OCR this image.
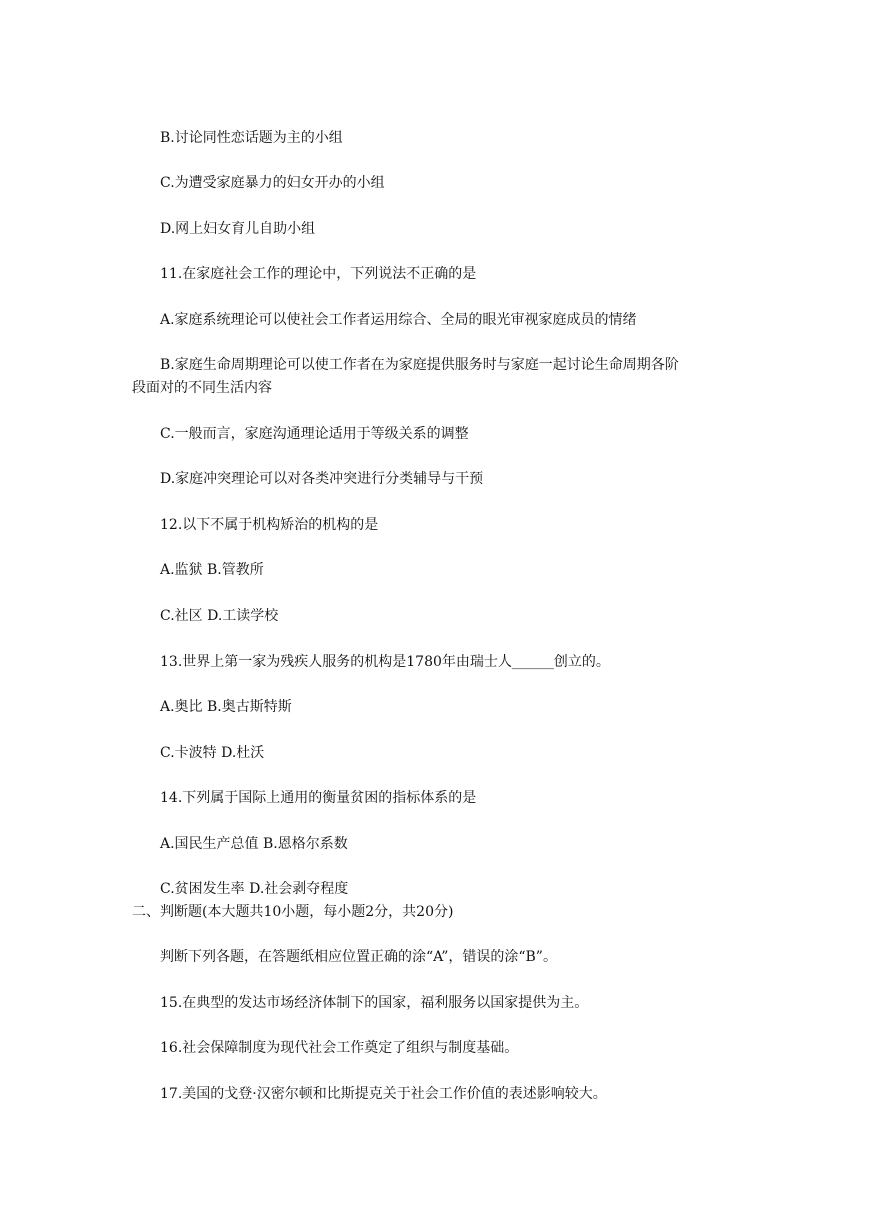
B.讨论同性恋话题为主的小组

C.为遭受家庭暴力的妇女开办的小组

D.网上妇女育儿自助小组

11.在家庭社会工作的理论中，下列说法不正确的是

A.家庭系统理论可以使社会工作者运用综合、全局的眼光审视家庭成员的情绪

B.家庭生命周期理论可以使工作者在为家庭提供服务时与家庭一起讨论生命周期各阶

段面对的不同生活内容

C.一般而言，家庭沟通理论适用于等级关系的调整

D.家庭冲突理论可以对各类冲突进行分类辅导与干预

12.以下不属于机构矫治的机构的是

A.监狱 B.管教所

C.社区 D.工读学校

13.世界上第一家为残疾人服务的机构是1780年由瑞士人______创立的。

A.奥比 B.奥古斯特斯

C.卡波特 D.杜沃

14.下列属于国际上通用的衡量贫困的指标体系的是

A.国民生产总值 B.恩格尔系数

C.贫困发生率 D.社会剥夺程度

二、判断题(本大题共10小题，每小题2分，共20分)

判断下列各题，在答题纸相应位置正确的涂“A”，错误的涂“B”。

15.在典型的发达市场经济体制下的国家，福利服务以国家提供为主。

16.社会保障制度为现代社会工作奠定了组织与制度基础。

17.美国的戈登·汉密尔顿和比斯提克关于社会工作价值的表述影响较大。
